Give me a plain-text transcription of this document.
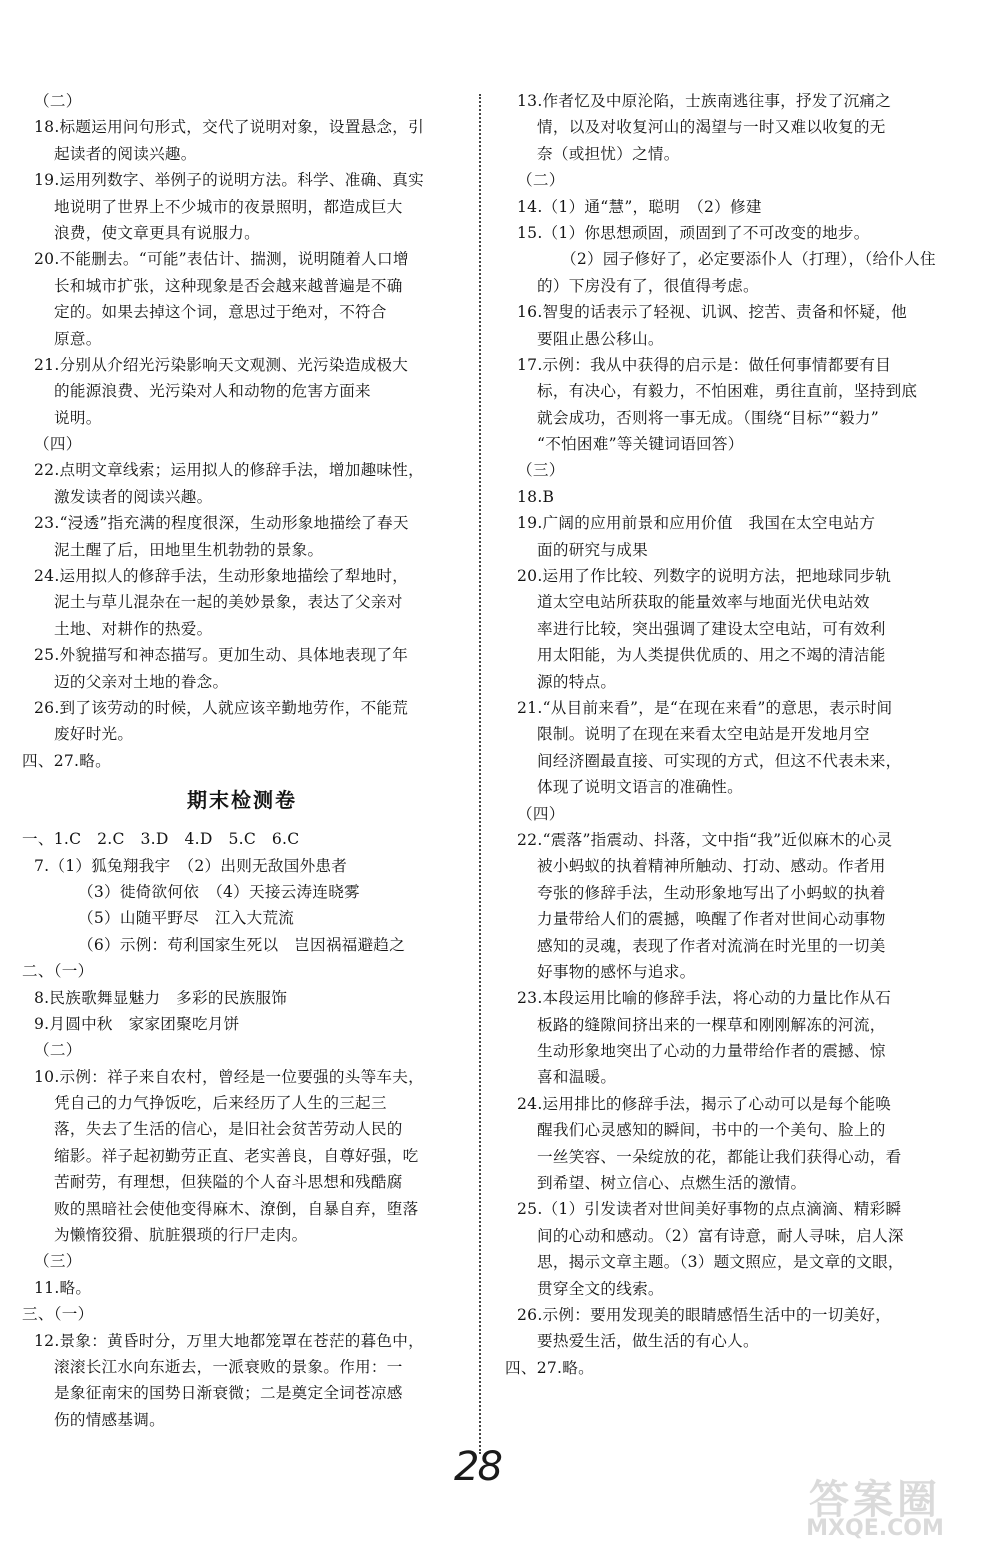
（二）
18.标题运用问句形式，交代了说明对象，设置悬念，引
起读者的阅读兴趣。
19.运用列数字、举例子的说明方法。科学、准确、真实
地说明了世界上不少城市的夜景照明，都造成巨大
浪费，使文章更具有说服力。
20.不能删去。“可能”表估计、揣测，说明随着人口增
长和城市扩张，这种现象是否会越来越普遍是不确
定的。如果去掉这个词，意思过于绝对，不符合
原意。
21.分别从介绍光污染影响天文观测、光污染造成极大
的能源浪费、光污染对人和动物的危害方面来
说明。
（四）
22.点明文章线索；运用拟人的修辞手法，增加趣味性，
激发读者的阅读兴趣。
23.“浸透”指充满的程度很深，生动形象地描绘了春天
泥土醒了后，田地里生机勃勃的景象。
24.运用拟人的修辞手法，生动形象地描绘了犁地时，
泥土与草儿混杂在一起的美妙景象，表达了父亲对
土地、对耕作的热爱。
25.外貌描写和神态描写。更加生动、具体地表现了年
迈的父亲对土地的眷念。
26.到了该劳动的时候，人就应该辛勤地劳作，不能荒
废好时光。
四、27.略。
期末检测卷
一、1.C　2.C　3.D　4.D　5.C　6.C
7.（1）狐兔翔我宇　（2）出则无敌国外患者
（3）徙倚欲何依　（4）天接云涛连晓雾
（5）山随平野尽　江入大荒流
（6）示例：苟利国家生死以　岂因祸福避趋之
二、（一）
8.民族歌舞显魅力　多彩的民族服饰
9.月圆中秋　家家团聚吃月饼
（二）
10.示例：祥子来自农村，曾经是一位要强的头等车夫，
凭自己的力气挣饭吃，后来经历了人生的三起三
落，失去了生活的信心，是旧社会贫苦劳动人民的
缩影。祥子起初勤劳正直、老实善良，自尊好强，吃
苦耐劳，有理想，但狭隘的个人奋斗思想和残酷腐
败的黑暗社会使他变得麻木、潦倒，自暴自弃，堕落
为懒惰狡猾、肮脏猥琐的行尸走肉。
（三）
11.略。
三、（一）
12.景象：黄昏时分，万里大地都笼罩在苍茫的暮色中，
滚滚长江水向东逝去，一派衰败的景象。作用：一
是象征南宋的国势日渐衰微；二是奠定全词苍凉感
伤的情感基调。
13.作者忆及中原沦陷，士族南逃往事，抒发了沉痛之
情，以及对收复河山的渴望与一时又难以收复的无
奈（或担忧）之情。
（二）
14.（1）通“慧”，聪明　（2）修建
15.（1）你思想顽固，顽固到了不可改变的地步。
（2）园子修好了，必定要添仆人（打理），（给仆人住
的）下房没有了，很值得考虑。
16.智叟的话表示了轻视、讥讽、挖苦、责备和怀疑，他
要阻止愚公移山。
17.示例：我从中获得的启示是：做任何事情都要有目
标，有决心，有毅力，不怕困难，勇往直前，坚持到底
就会成功，否则将一事无成。（围绕“目标”“毅力”
“不怕困难”等关键词语回答）
（三）
18.B
19.广阔的应用前景和应用价值　我国在太空电站方
面的研究与成果
20.运用了作比较、列数字的说明方法，把地球同步轨
道太空电站所获取的能量效率与地面光伏电站效
率进行比较，突出强调了建设太空电站，可有效利
用太阳能，为人类提供优质的、用之不竭的清洁能
源的特点。
21.“从目前来看”，是“在现在来看”的意思，表示时间
限制。说明了在现在来看太空电站是开发地月空
间经济圈最直接、可实现的方式，但这不代表未来，
体现了说明文语言的准确性。
（四）
22.“震落”指震动、抖落，文中指“我”近似麻木的心灵
被小蚂蚁的执着精神所触动、打动、感动。作者用
夸张的修辞手法，生动形象地写出了小蚂蚁的执着
力量带给人们的震撼，唤醒了作者对世间心动事物
感知的灵魂，表现了作者对流淌在时光里的一切美
好事物的感怀与追求。
23.本段运用比喻的修辞手法，将心动的力量比作从石
板路的缝隙间挤出来的一棵草和刚刚解冻的河流，
生动形象地突出了心动的力量带给作者的震撼、惊
喜和温暖。
24.运用排比的修辞手法，揭示了心动可以是每个能唤
醒我们心灵感知的瞬间，书中的一个美句、脸上的
一丝笑容、一朵绽放的花，都能让我们获得心动，看
到希望、树立信心、点燃生活的激情。
25.（1）引发读者对世间美好事物的点点滴滴、精彩瞬
间的心动和感动。（2）富有诗意，耐人寻味，启人深
思，揭示文章主题。（3）题文照应，是文章的文眼，
贯穿全文的线索。
26.示例：要用发现美的眼睛感悟生活中的一切美好，
要热爱生活，做生活的有心人。
四、27.略。
28
答案圈
MXQE.COM
